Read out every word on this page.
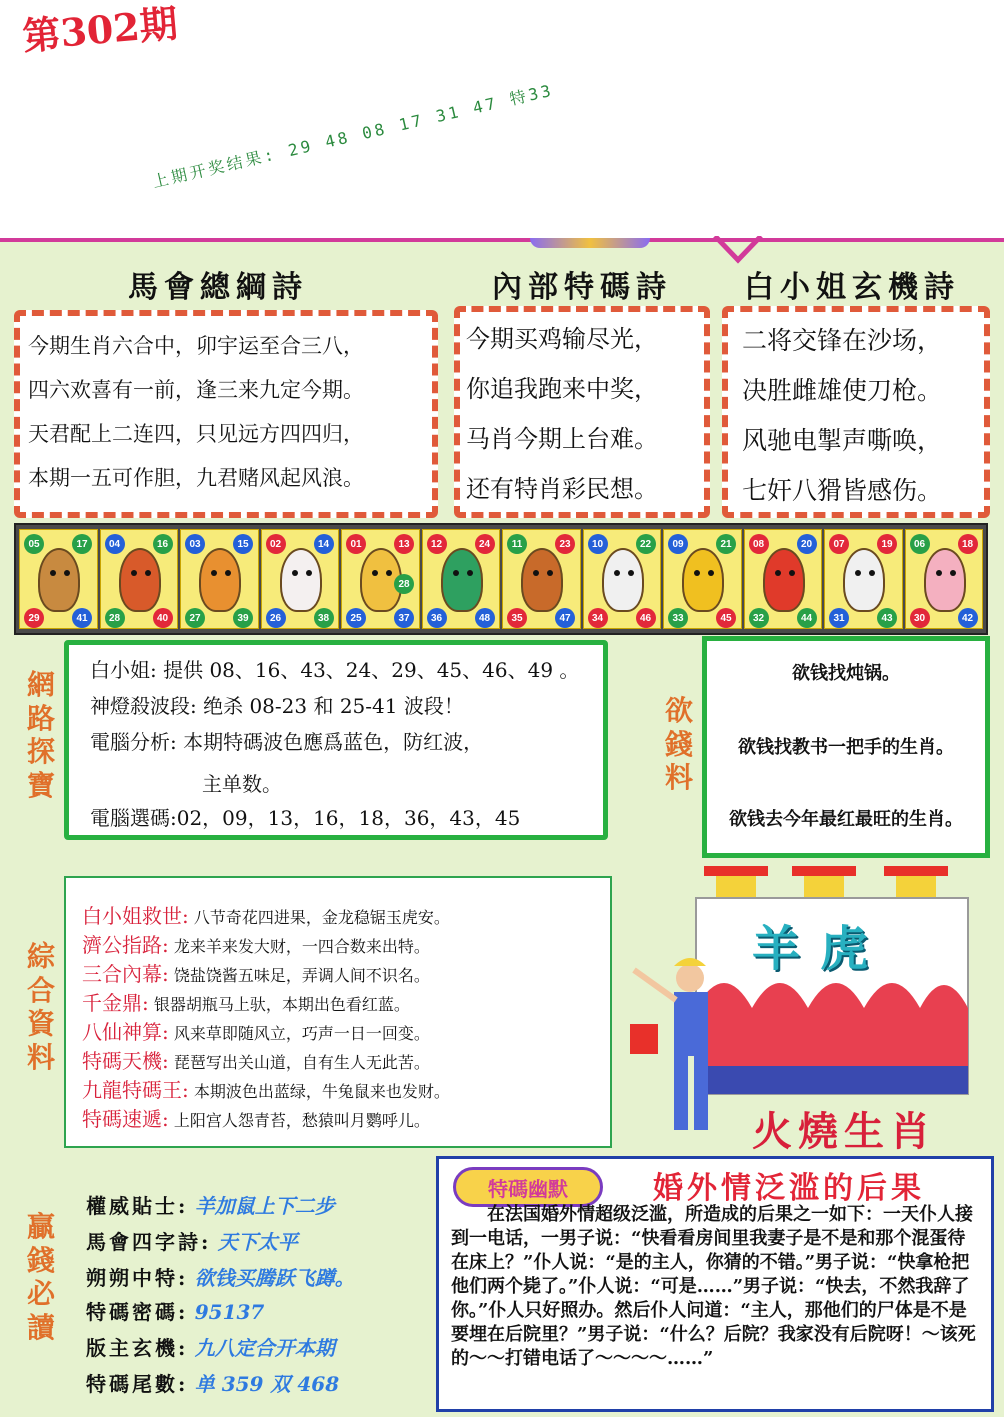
第302期
上期开奖结果: 29 48 08 17 31 47 特33
馬會總綱詩	內部特碼詩 白小姐玄機詩
今期生肖六合中，卯宇运至合三八，
四六欢喜有一前，逢三来九定今期。
天君配上二连四，只见远方四四归，
本期一五可作胆，九君赌风起风浪。
今期买鸡输尽光，
你追我跑来中奖，
马肖今期上台难。
还有特肖彩民想。
二将交锋在沙场，
决胜雌雄使刀枪。
风驰电掣声嘶唤，
七奸八猾皆感伤。
05	17
29	41
04	16
28	40
03	15
27	39
02	14
26	38
01	13
25	37
28
12	24
36	48
11	23
35	47
10	22
34	46
09	21
33	45
08	20
32	44
07	19
31	43
06	18
30	42
網路探寶
白小姐: 提供 08、16、43、24、29、45、46、49 。
神燈殺波段: 绝杀 08-23 和 25-41 波段！
電腦分析: 本期特碼波色應爲蓝色，防红波，
主单数。
電腦選碼:02，09，13，16，18，36，43，45
欲錢料
欲钱找炖锅。
欲钱找教书一把手的生肖。
欲钱去今年最红最旺的生肖。
綜合資料
白小姐救世: 八节奇花四进果，金龙稳锯玉虎安。
濟公指路: 龙来羊来发大财，一四合数来出特。
三合內幕: 饶盐饶酱五味足，弄调人间不识名。
千金鼎: 银器胡瓶马上驮，本期出色看红蓝。
八仙神算: 风来草即随风立，巧声一日一回变。
特碼天機: 琵琶写出关山道，自有生人无此苦。
九龍特碼王: 本期波色出蓝绿，牛兔鼠来也发财。
特碼速遞: 上阳宫人怨青苔，愁猿叫月鹦呼儿。
羊虎
火燒生肖
贏錢必讀
權威貼士: 羊加鼠上下二步
馬會四字詩: 天下太平
朔朔中特: 欲钱买腾跃飞蹲。
特碼密碼: 95137
版主玄機: 九八定合开本期
特碼尾數: 单 359 双 468
特碼幽默	婚外情泛滥的后果
在法国婚外情超级泛滥，所造成的后果之一如下：一天仆人接到一电话，一男子说：“快看看房间里我妻子是不是和那个混蛋待在床上？”仆人说：“是的主人，你猜的不错。”男子说：“快拿枪把他们两个毙了。”仆人说：“可是……”男子说：“快去，不然我辞了你。”仆人只好照办。然后仆人问道：“主人，那他们的尸体是不是要埋在后院里？”男子说：“什么？后院？我家没有后院呀！～该死的～～打错电话了～～～～……”
